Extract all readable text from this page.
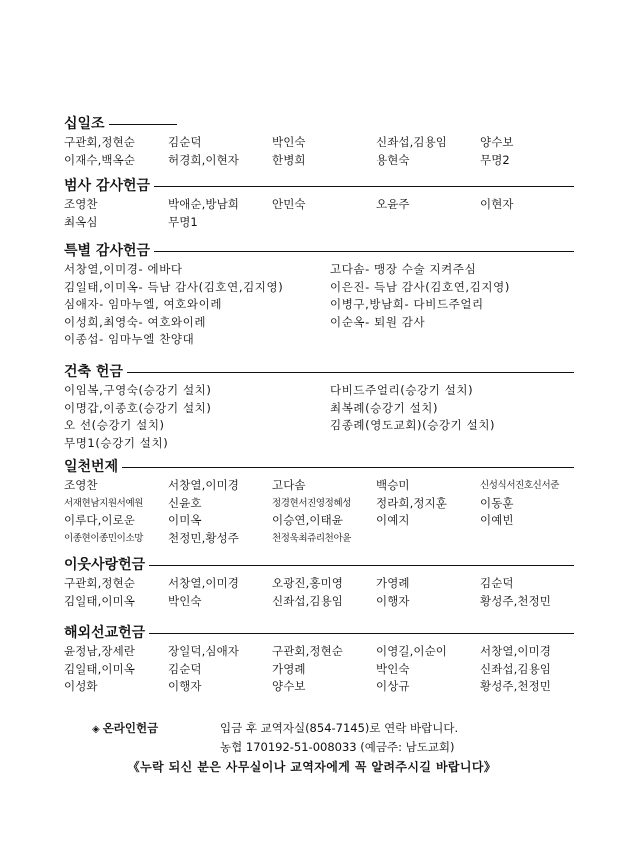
십일조
구관회,정현순	김순덕	박인숙	신좌섭,김용임	양수보
이재수,백옥순	허경희,이현자	한병희	용현숙	무명2
범사 감사헌금
조영찬	박애순,방남희	안민숙	오윤주	이현자
최옥심	무명1
특별 감사헌금
서창열,이미경- 에바다	고다솜- 맹장 수술 지켜주심
김일태,이미옥- 득남 감사(김호연,김지영)	이은진- 득남 감사(김호연,김지영)
심애자- 임마누엘, 여호와이레	이병구,방남희- 다비드주얼리
이성희,최영숙- 여호와이레	이순옥- 퇴원 감사
이종섭- 임마누엘 찬양대
건축 헌금
이임복,구영숙(승강기 설치)	다비드주얼리(승강기 설치)
이명갑,이종호(승강기 설치)	최복례(승강기 설치)
오 선(승강기 설치)	김종례(영도교회)(승강기 설치)
무명1(승강기 설치)
일천번제
조영찬	서창열,이미경	고다솜	백승미	신성식서진호신서준
서재현남지원서예원	신윤호	정경현서진영정혜성	정라희,정지훈	이동훈
이루다,이로운	이미옥	이승연,이태윤	이예지	이예빈
이종현이종민이소망	천정민,황성주	천정욱최쥬리천아윤
이웃사랑헌금
구관회,정현순	서창열,이미경	오광진,홍미영	가영례	김순덕
김일태,이미옥	박인숙	신좌섭,김용임	이행자	황성주,천정민
해외선교헌금
윤정남,장세란	장일덕,심애자	구관회,정현순	이영길,이순이	서창열,이미경
김일태,이미옥	김순덕	가영례	박인숙	신좌섭,김용임
이성화	이행자	양수보	이상규	황성주,천정민
◈ 온라인헌금	입금 후 교역자실(854-7145)로 연락 바랍니다.
농협 170192-51-008033 (예금주: 남도교회)
《누락 되신 분은 사무실이나 교역자에게 꼭 알려주시길 바랍니다》
